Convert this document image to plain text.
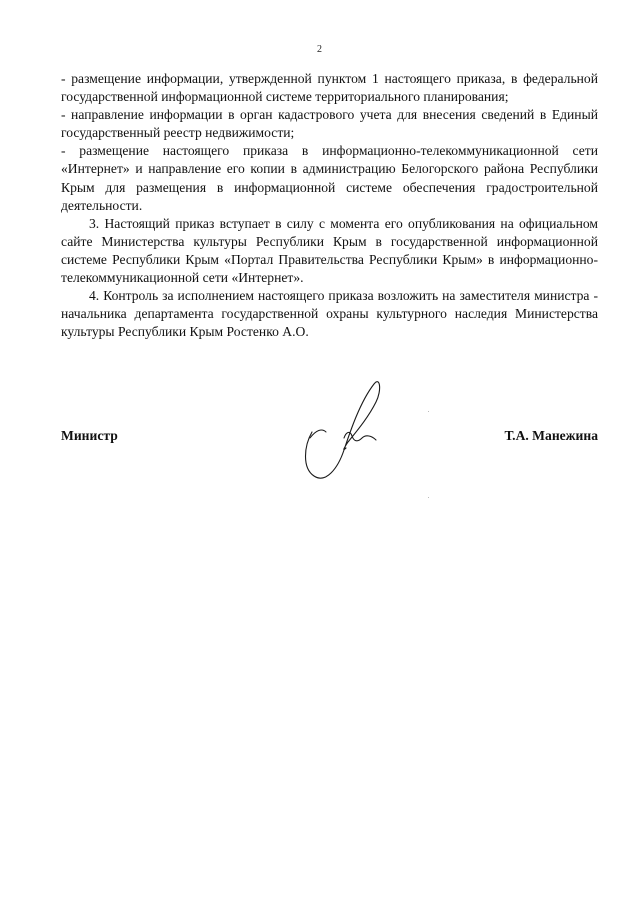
2

- размещение информации, утвержденной пунктом 1 настоящего приказа, в федеральной государственной информационной системе территориального планирования;

- направление информации в орган кадастрового учета для внесения сведений в Единый государственный реестр недвижимости;

- размещение настоящего приказа в информационно-телекоммуникационной сети «Интернет» и направление его копии в администрацию Белогорского района Республики Крым для размещения в информационной системе обеспечения градостроительной деятельности.

3. Настоящий приказ вступает в силу с момента его опубликования на официальном сайте Министерства культуры Республики Крым в государственной информационной системе Республики Крым «Портал Правительства Республики Крым» в информационно-телекоммуникационной сети «Интернет».

4. Контроль за исполнением настоящего приказа возложить на заместителя министра - начальника департамента государственной охраны культурного наследия Министерства культуры Республики Крым Ростенко А.О.

Министр	Т.А. Манежина
